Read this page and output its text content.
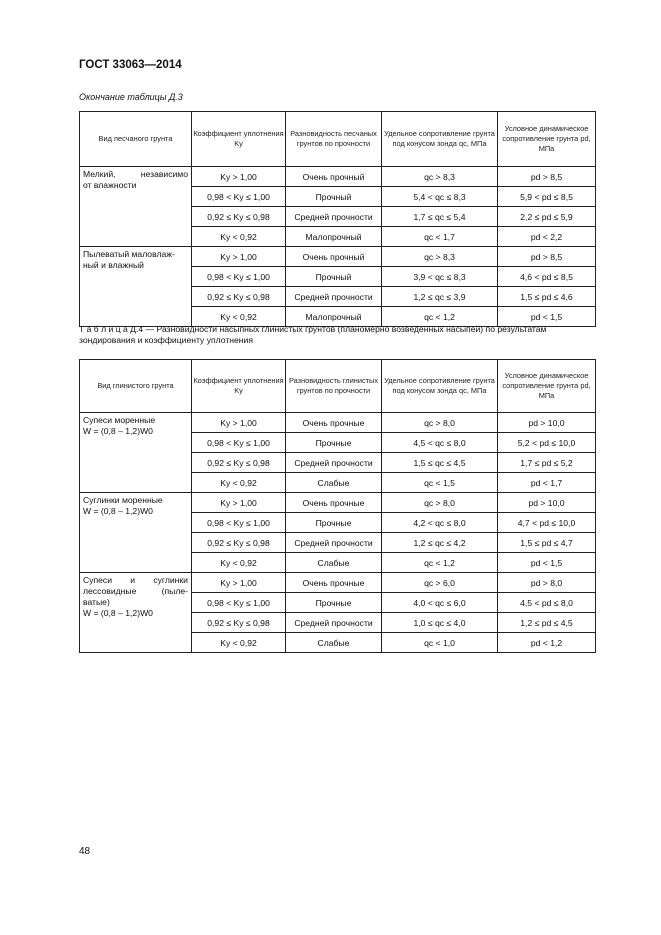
ГОСТ 33063—2014
Окончание таблицы Д.3
Вид песчаного грунта	Коэффициент уплотнения Kу	Разновидность песчаных грунтов по прочности	Удельное сопротивление грунта под конусом зонда qc, МПа	Условное динамическое сопротивление грунта pd, МПа

Мелкий, независимо
от влажности	Kу > 1,00	Очень прочный	qc > 8,3	pd > 8,5
	0,98 < Kу ≤ 1,00	Прочный	5,4 < qc ≤ 8,3	5,9 < pd ≤ 8,5
	0,92 ≤ Kу ≤ 0,98	Средней прочности	1,7 ≤ qc ≤ 5,4	2,2 ≤ pd ≤ 5,9
	Kу < 0,92	Малопрочный	qc < 1,7	pd < 2,2

Пылеватый маловлаж-
ный и влажный	Kу > 1,00	Очень прочный	qc > 8,3	pd > 8,5
	0,98 < Kу ≤ 1,00	Прочный	3,9 < qc ≤ 8,3	4,6 < pd ≤ 8,5
	0,92 ≤ Kу ≤ 0,98	Средней прочности	1,2 ≤ qc ≤ 3,9	1,5 ≤ pd ≤ 4,6
	Kу < 0,92	Малопрочный	qc < 1,2	pd < 1,5
Т а б л и ц а Д.4 — Разновидности насыпных глинистых грунтов (планомерно возведенных насыпей) по результатам зондирования и коэффициенту уплотнения
Вид глинистого грунта	Коэффициент уплотнения Kу	Разновидность глинистых грунтов по прочности	Удельное сопротивление грунта под конусом зонда qc, МПа	Условное динамическое сопротивление грунта pd, МПа

Супеси моренные
W = (0,8 – 1,2)W0	Kу > 1,00	Очень прочные	qc > 8,0	pd > 10,0
	0,98 < Kу ≤ 1,00	Прочные	4,5 < qc ≤ 8,0	5,2 < pd ≤ 10,0
	0,92 ≤ Kу ≤ 0,98	Средней прочности	1,5 ≤ qc ≤ 4,5	1,7 ≤ pd ≤ 5,2
	Kу < 0,92	Слабые	qc < 1,5	pd < 1,7

Суглинки моренные
W = (0,8 – 1,2)W0	Kу > 1,00	Очень прочные	qc > 8,0	pd > 10,0
	0,98 < Kу ≤ 1,00	Прочные	4,2 < qc ≤ 8,0	4,7 < pd ≤ 10,0
	0,92 ≤ Kу ≤ 0,98	Средней прочности	1,2 ≤ qc ≤ 4,2	1,5 ≤ pd ≤ 4,7
	Kу < 0,92	Слабые	qc < 1,2	pd < 1,5

Супеси и суглинки
лессовидные (пыле-
ватые)
W = (0,8 – 1,2)W0	Kу > 1,00	Очень прочные	qc > 6,0	pd > 8,0
	0,98 < Kу ≤ 1,00	Прочные	4,0 < qc ≤ 6,0	4,5 < pd ≤ 8,0
	0,92 ≤ Kу ≤ 0,98	Средней прочности	1,0 ≤ qc ≤ 4,0	1,2 ≤ pd ≤ 4,5
	Kу < 0,92	Слабые	qc < 1,0	pd < 1,2
48
